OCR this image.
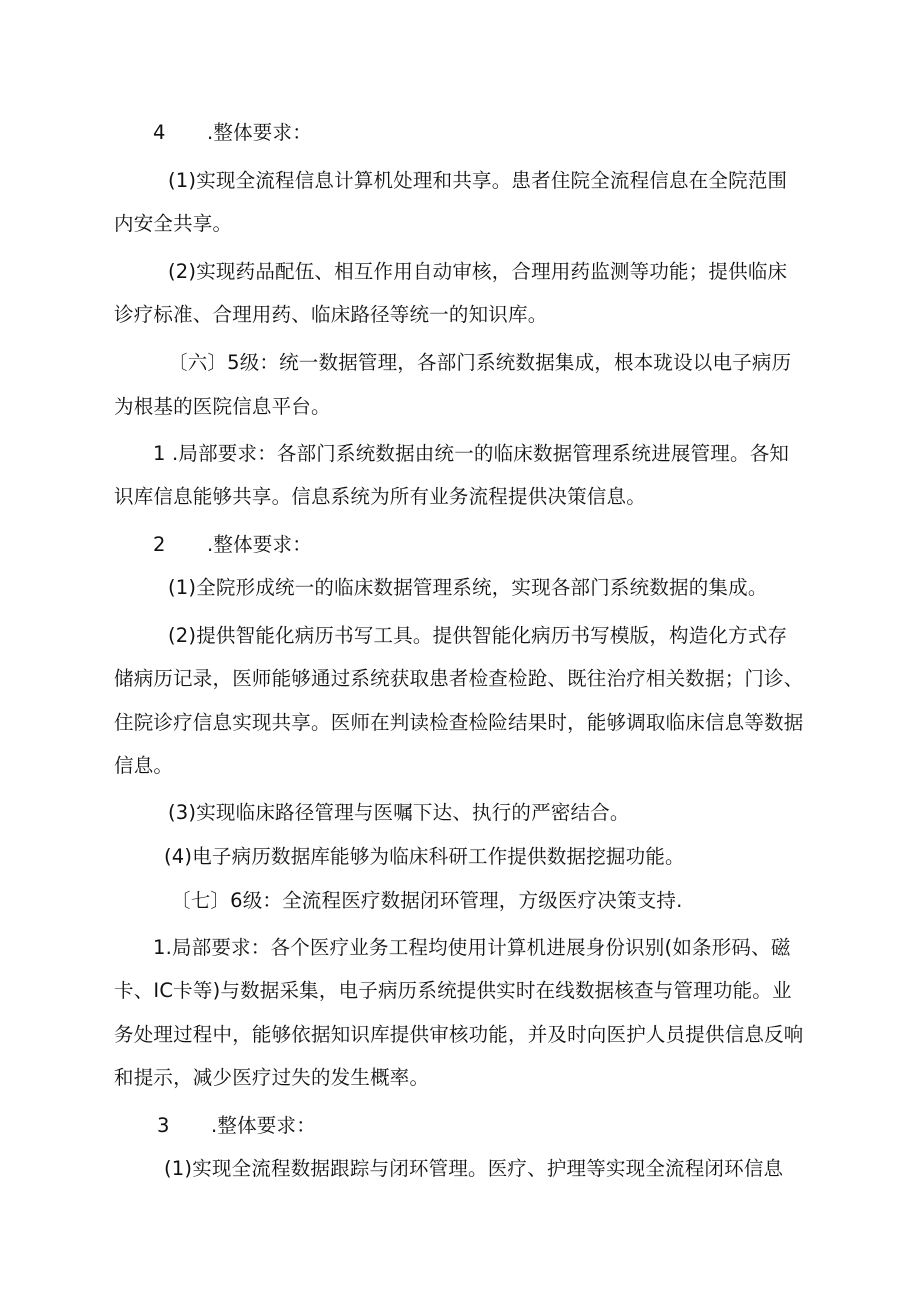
4 .整体要求：
(1)实现全流程信息计算机处理和共享。患者住院全流程信息在全院范围
内安全共享。
(2)实现药品配伍、相互作用自动审核，合理用药监测等功能；提供临床
诊疗标准、合理用药、临床路径等统一的知识库。
〔六〕5级：统一数据管理，各部门系统数据集成，根本珑设以电子病历
为根基的医院信息平台。
1 .局部要求：各部门系统数据由统一的临床数据管理系统进展管理。各知
识库信息能够共享。信息系统为所有业务流程提供决策信息。
2 .整体要求：
(1)全院形成统一的临床数据管理系统，实现各部门系统数据的集成。
(2)提供智能化病历书写工具。提供智能化病历书写模版，构造化方式存
储病历记录，医师能够通过系统获取患者检查检跄、既往治疗相关数据；门诊、
住院诊疗信息实现共享。医师在判读检查检险结果时，能够调取临床信息等数据
信息。
(3)实现临床路径管理与医嘱下达、执行的严密结合。
(4)电子病历数据库能够为临床科研工作提供数据挖掘功能。
〔七〕6级：全流程医疗数据闭环管理，方级医疗决策支持.
1.局部要求：各个医疗业务工程均使用计算机进展身份识别(如条形码、磁
卡、IC卡等)与数据采集，电子病历系统提供实时在线数据核查与管理功能。业
务处理过程中，能够依据知识库提供审核功能，并及时向医护人员提供信息反响
和提示，减少医疗过失的发生概率。
3 .整体要求：
(1)实现全流程数据跟踪与闭环管理。医疗、护理等实现全流程闭环信息
